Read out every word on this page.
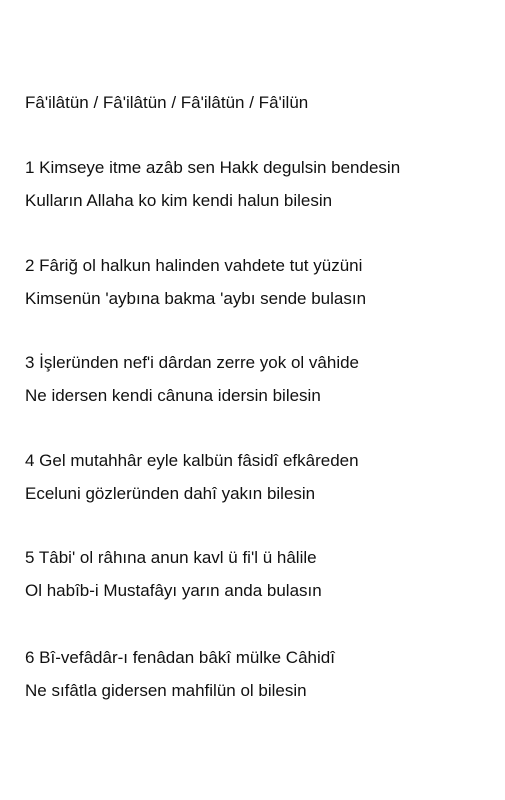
Fâ'ilâtün / Fâ'ilâtün / Fâ'ilâtün / Fâ'ilün
1 Kimseye itme azâb sen Hakk degulsin bendesin
Kulların Allaha ko kim kendi halun bilesin
2 Fâriğ ol halkun halinden vahdete tut yüzüni
Kimsenün 'aybına bakma 'aybı sende bulasın
3 İşleründen nef'i dârdan zerre yok ol vâhide
Ne idersen kendi cânuna idersin bilesin
4 Gel mutahhâr eyle kalbün fâsidî efkâreden
Eceluni gözleründen dahî yakın bilesin
5 Tâbi' ol râhına anun kavl ü fi'l ü hâlile
Ol habîb-i Mustafâyı yarın anda bulasın
6 Bî-vefâdâr-ı fenâdan bâkî mülke Câhidî
Ne sıfâtla gidersen mahfilün ol bilesin
